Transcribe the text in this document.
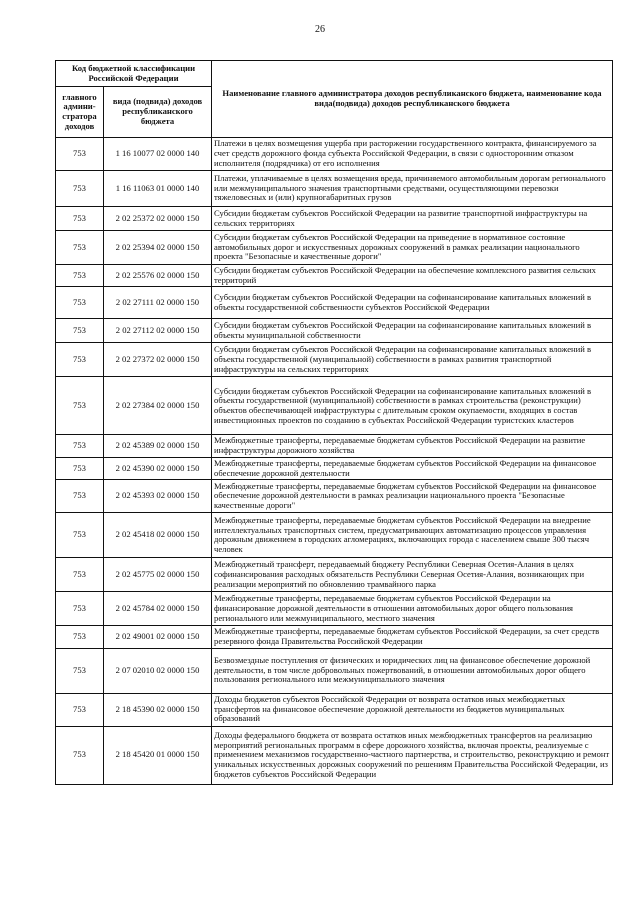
26
Код бюджетной классификации Российской Федерации		Наименование главного администратора доходов республиканского бюджета, наименование кода вида(подвида) доходов республиканского бюджета
главного админи-стратора доходов	вида (подвида) доходов республиканского бюджета	
753	1 16 10077 02 0000 140	Платежи в целях возмещения ущерба при расторжении государственного контракта, финансируемого за счет средств дорожного фонда субъекта Российской Федерации, в связи с односторонним отказом исполнителя (подрядчика) от его исполнения
753	1 16 11063 01 0000 140	Платежи, уплачиваемые в целях возмещения вреда, причиняемого автомобильным дорогам регионального или межмуниципального значения транспортными средствами, осуществляющими перевозки тяжеловесных и (или) крупногабаритных грузов
753	2 02 25372 02 0000 150	Субсидии бюджетам субъектов Российской Федерации на развитие транспортной инфраструктуры на сельских территориях
753	2 02 25394 02 0000 150	Субсидии бюджетам субъектов Российской Федерации на приведение в нормативное состояние автомобильных дорог и искусственных дорожных сооружений в рамках реализации национального проекта "Безопасные и качественные дороги"
753	2 02 25576 02 0000 150	Субсидии бюджетам субъектов Российской Федерации на обеспечение комплексного развития сельских территорий
753	2 02 27111 02 0000 150	Субсидии бюджетам субъектов Российской Федерации на софинансирование капитальных вложений в объекты государственной собственности субъектов Российской Федерации
753	2 02 27112 02 0000 150	Субсидии бюджетам субъектов Российской Федерации на софинансирование капитальных вложений в объекты муниципальной собственности
753	2 02 27372 02 0000 150	Субсидии бюджетам субъектов Российской Федерации на софинансирование капитальных вложений в объекты государственной (муниципальной) собственности в рамках развития транспортной инфраструктуры на сельских территориях
753	2 02 27384 02 0000 150	Субсидии бюджетам субъектов Российской Федерации на софинансирование капитальных вложений в объекты государственной (муниципальной) собственности в рамках строительства (реконструкции) объектов обеспечивающей инфраструктуры с длительным сроком окупаемости, входящих в состав инвестиционных проектов по созданию в субъектах Российской Федерации туристских кластеров
753	2 02 45389 02 0000 150	Межбюджетные трансферты, передаваемые бюджетам субъектов Российской Федерации на развитие инфраструктуры дорожного хозяйства
753	2 02 45390 02 0000 150	Межбюджетные трансферты, передаваемые бюджетам субъектов Российской Федерации на финансовое обеспечение дорожной деятельности
753	2 02 45393 02 0000 150	Межбюджетные трансферты, передаваемые бюджетам субъектов Российской Федерации на финансовое обеспечение дорожной деятельности в рамках реализации национального проекта "Безопасные качественные дороги"
753	2 02 45418 02 0000 150	Межбюджетные трансферты, передаваемые бюджетам субъектов Российской Федерации на внедрение интеллектуальных транспортных систем, предусматривающих автоматизацию процессов управления дорожным движением в городских агломерациях, включающих города с населением свыше 300 тысяч человек
753	2 02 45775 02 0000 150	Межбюджетный трансферт, передаваемый бюджету Республики Северная Осетия-Алания в целях софинансирования расходных обязательств Республики Северная Осетия-Алания, возникающих при реализации мероприятий по обновлению трамвайного парка
753	2 02 45784 02 0000 150	Межбюджетные трансферты, передаваемые бюджетам субъектов Российской Федерации на финансирование дорожной деятельности в отношении автомобильных дорог общего пользования регионального или межмуниципального, местного значения
753	2 02 49001 02 0000 150	Межбюджетные трансферты, передаваемые бюджетам субъектов Российской Федерации, за счет средств резервного фонда Правительства Российской Федерации
753	2 07 02010 02 0000 150	Безвозмездные поступления от физических и юридических лиц на финансовое обеспечение дорожной деятельности, в том числе добровольных пожертвований, в отношении автомобильных дорог общего пользования регионального или межмуниципального значения
753	2 18 45390 02 0000 150	Доходы бюджетов субъектов Российской Федерации от возврата остатков иных межбюджетных трансфертов на финансовое обеспечение дорожной деятельности из бюджетов муниципальных образований
753	2 18 45420 01 0000 150	Доходы федерального бюджета от возврата остатков иных межбюджетных трансфертов на реализацию мероприятий региональных программ в сфере дорожного хозяйства, включая проекты, реализуемые с применением механизмов государственно-частного партнерства, и строительство, реконструкцию и ремонт уникальных искусственных дорожных сооружений по решениям Правительства Российской Федерации, из бюджетов субъектов Российской Федерации
